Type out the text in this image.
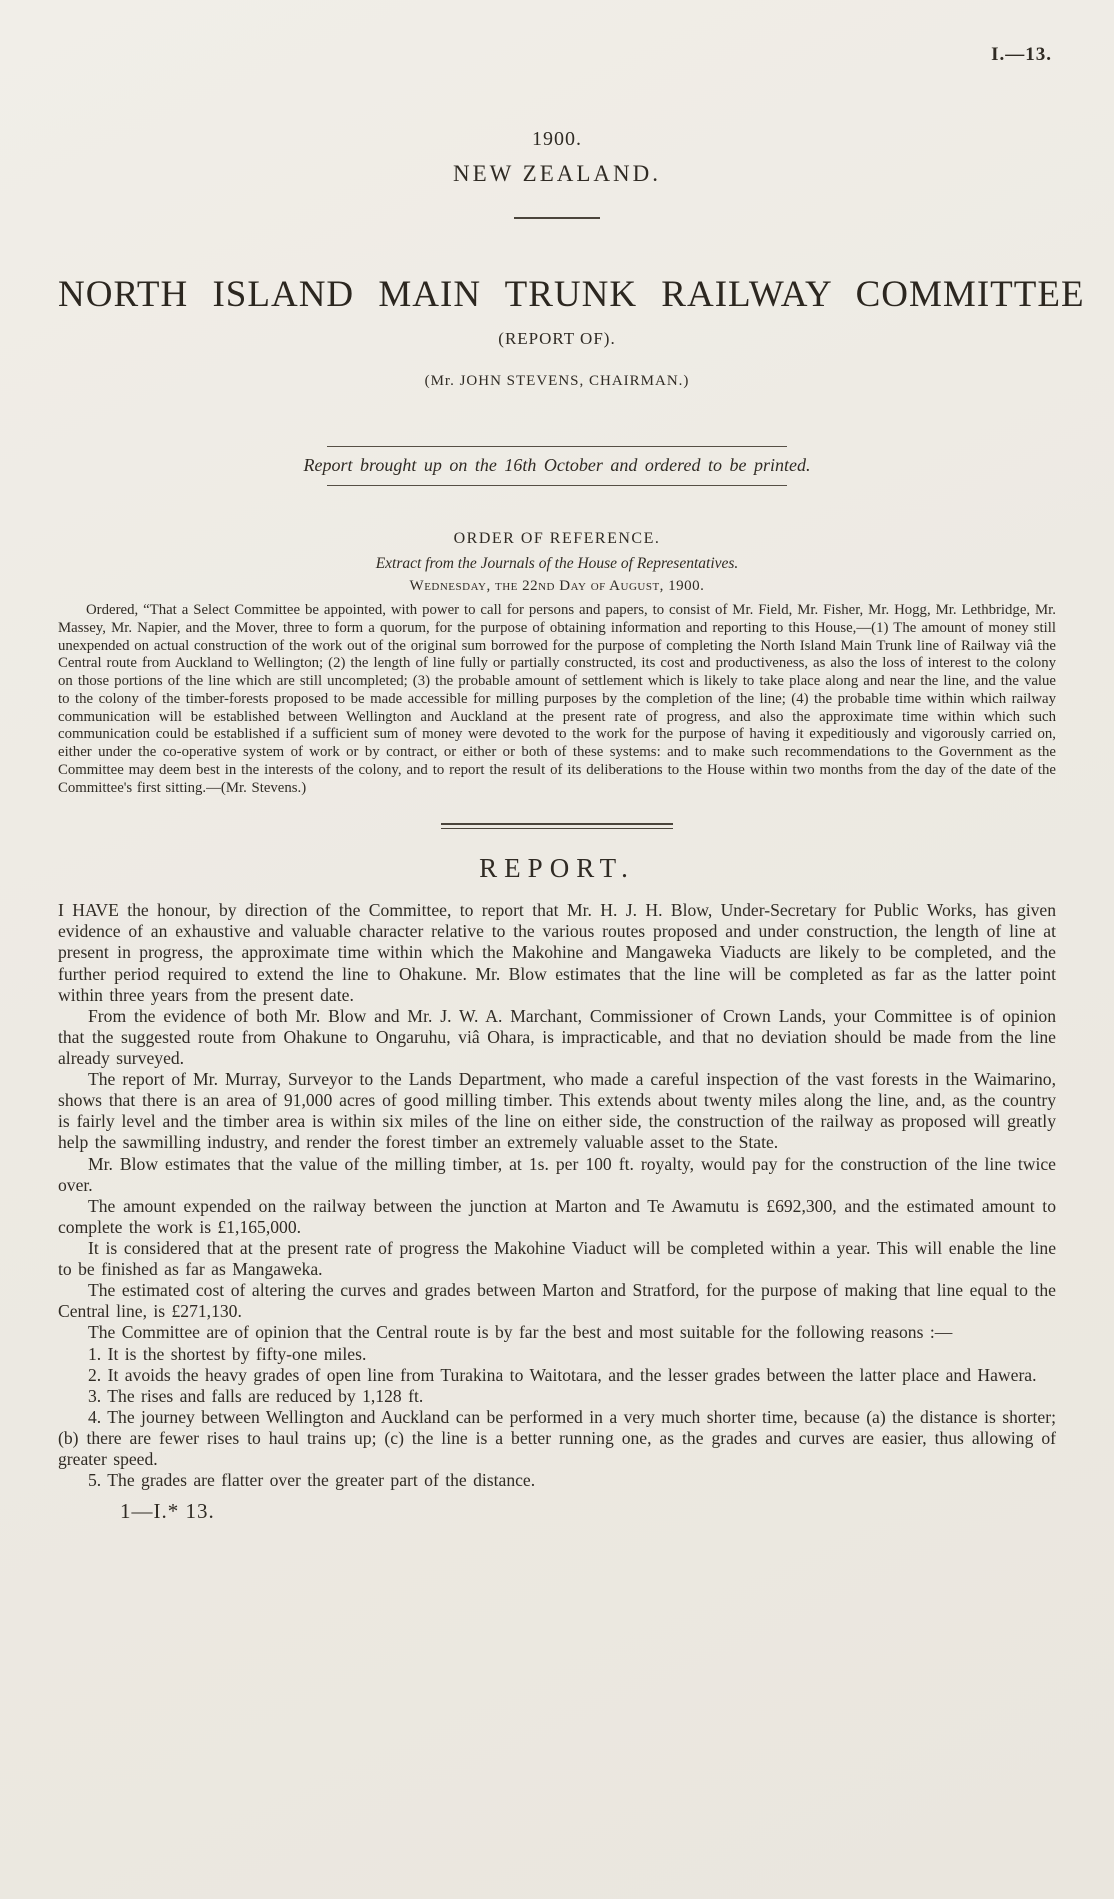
I.—13.
1900.
NEW ZEALAND.
NORTH ISLAND MAIN TRUNK RAILWAY COMMITTEE
(REPORT OF).
(Mr. JOHN STEVENS, CHAIRMAN.)
Report brought up on the 16th October and ordered to be printed.
ORDER OF REFERENCE.
Extract from the Journals of the House of Representatives.
Wednesday, the 22nd Day of August, 1900.

Ordered, “That a Select Committee be appointed, with power to call for persons and papers, to consist of Mr. Field, Mr. Fisher, Mr. Hogg, Mr. Lethbridge, Mr. Massey, Mr. Napier, and the Mover, three to form a quorum, for the purpose of obtaining information and reporting to this House,—(1) The amount of money still unexpended on actual construction of the work out of the original sum borrowed for the purpose of completing the North Island Main Trunk line of Railway viâ the Central route from Auckland to Wellington; (2) the length of line fully or partially constructed, its cost and productiveness, as also the loss of interest to the colony on those portions of the line which are still uncompleted; (3) the probable amount of settlement which is likely to take place along and near the line, and the value to the colony of the timber-forests proposed to be made accessible for milling purposes by the completion of the line; (4) the probable time within which railway communication will be established between Wellington and Auckland at the present rate of progress, and also the approximate time within which such communication could be established if a sufficient sum of money were devoted to the work for the purpose of having it expeditiously and vigorously carried on, either under the co-operative system of work or by contract, or either or both of these systems: and to make such recommendations to the Government as the Committee may deem best in the interests of the colony, and to report the result of its deliberations to the House within two months from the day of the date of the Committee's first sitting.—(Mr. Stevens.)

REPORT.

I HAVE the honour, by direction of the Committee, to report that Mr. H. J. H. Blow, Under-Secretary for Public Works, has given evidence of an exhaustive and valuable character relative to the various routes proposed and under construction, the length of line at present in progress, the approximate time within which the Makohine and Mangaweka Viaducts are likely to be completed, and the further period required to extend the line to Ohakune. Mr. Blow estimates that the line will be completed as far as the latter point within three years from the present date.

From the evidence of both Mr. Blow and Mr. J. W. A. Marchant, Commissioner of Crown Lands, your Committee is of opinion that the suggested route from Ohakune to Ongaruhu, viâ Ohara, is impracticable, and that no deviation should be made from the line already surveyed.

The report of Mr. Murray, Surveyor to the Lands Department, who made a careful inspection of the vast forests in the Waimarino, shows that there is an area of 91,000 acres of good milling timber. This extends about twenty miles along the line, and, as the country is fairly level and the timber area is within six miles of the line on either side, the construction of the railway as proposed will greatly help the sawmilling industry, and render the forest timber an extremely valuable asset to the State.

Mr. Blow estimates that the value of the milling timber, at 1s. per 100 ft. royalty, would pay for the construction of the line twice over.

The amount expended on the railway between the junction at Marton and Te Awamutu is £692,300, and the estimated amount to complete the work is £1,165,000.

It is considered that at the present rate of progress the Makohine Viaduct will be completed within a year. This will enable the line to be finished as far as Mangaweka.

The estimated cost of altering the curves and grades between Marton and Stratford, for the purpose of making that line equal to the Central line, is £271,130.

The Committee are of opinion that the Central route is by far the best and most suitable for the following reasons :—

1. It is the shortest by fifty-one miles.

2. It avoids the heavy grades of open line from Turakina to Waitotara, and the lesser grades between the latter place and Hawera.

3. The rises and falls are reduced by 1,128 ft.

4. The journey between Wellington and Auckland can be performed in a very much shorter time, because (a) the distance is shorter; (b) there are fewer rises to haul trains up; (c) the line is a better running one, as the grades and curves are easier, thus allowing of greater speed.

5. The grades are flatter over the greater part of the distance.

1—I.* 13.
